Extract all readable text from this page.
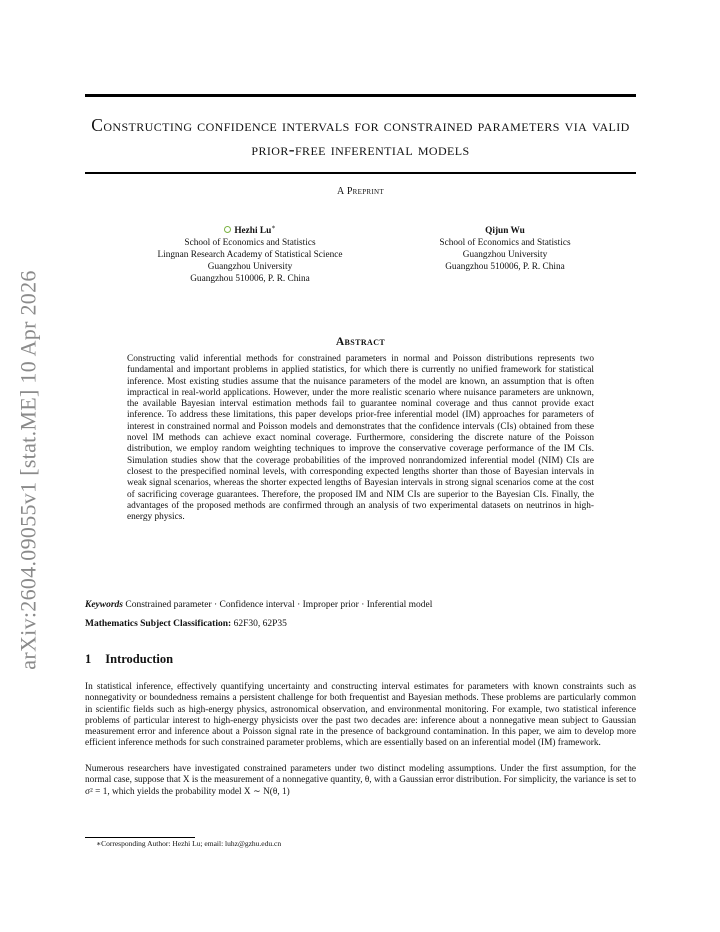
arXiv:2604.09055v1 [stat.ME] 10 Apr 2026
Constructing confidence intervals for constrained parameters via valid prior-free inferential models
A Preprint
Hezhi Lu∗
School of Economics and Statistics
Lingnan Research Academy of Statistical Science
Guangzhou University
Guangzhou 510006, P. R. China
Qijun Wu
School of Economics and Statistics
Guangzhou University
Guangzhou 510006, P. R. China
Abstract
Constructing valid inferential methods for constrained parameters in normal and Poisson distributions represents two fundamental and important problems in applied statistics, for which there is currently no unified framework for statistical inference. Most existing studies assume that the nuisance parameters of the model are known, an assumption that is often impractical in real-world applications. However, under the more realistic scenario where nuisance parameters are unknown, the available Bayesian interval estimation methods fail to guarantee nominal coverage and thus cannot provide exact inference. To address these limitations, this paper develops prior-free inferential model (IM) approaches for parameters of interest in constrained normal and Poisson models and demonstrates that the confidence intervals (CIs) obtained from these novel IM methods can achieve exact nominal coverage. Furthermore, considering the discrete nature of the Poisson distribution, we employ random weighting techniques to improve the conservative coverage performance of the IM CIs. Simulation studies show that the coverage probabilities of the improved nonrandomized inferential model (NIM) CIs are closest to the prespecified nominal levels, with corresponding expected lengths shorter than those of Bayesian intervals in weak signal scenarios, whereas the shorter expected lengths of Bayesian intervals in strong signal scenarios come at the cost of sacrificing coverage guarantees. Therefore, the proposed IM and NIM CIs are superior to the Bayesian CIs. Finally, the advantages of the proposed methods are confirmed through an analysis of two experimental datasets on neutrinos in high-energy physics.
Keywords Constrained parameter · Confidence interval · Improper prior · Inferential model
Mathematics Subject Classification: 62F30, 62P35
1 Introduction
In statistical inference, effectively quantifying uncertainty and constructing interval estimates for parameters with known constraints such as nonnegativity or boundedness remains a persistent challenge for both frequentist and Bayesian methods. These problems are particularly common in scientific fields such as high-energy physics, astronomical observation, and environmental monitoring. For example, two statistical inference problems of particular interest to high-energy physicists over the past two decades are: inference about a nonnegative mean subject to Gaussian measurement error and inference about a Poisson signal rate in the presence of background contamination. In this paper, we aim to develop more efficient inference methods for such constrained parameter problems, which are essentially based on an inferential model (IM) framework.
Numerous researchers have investigated constrained parameters under two distinct modeling assumptions. Under the first assumption, for the normal case, suppose that X is the measurement of a nonnegative quantity, θ, with a Gaussian error distribution. For simplicity, the variance is set to σ² = 1, which yields the probability model X ∼ N(θ, 1)
∗Corresponding Author: Hezhi Lu; email: luhz@gzhu.edu.cn
